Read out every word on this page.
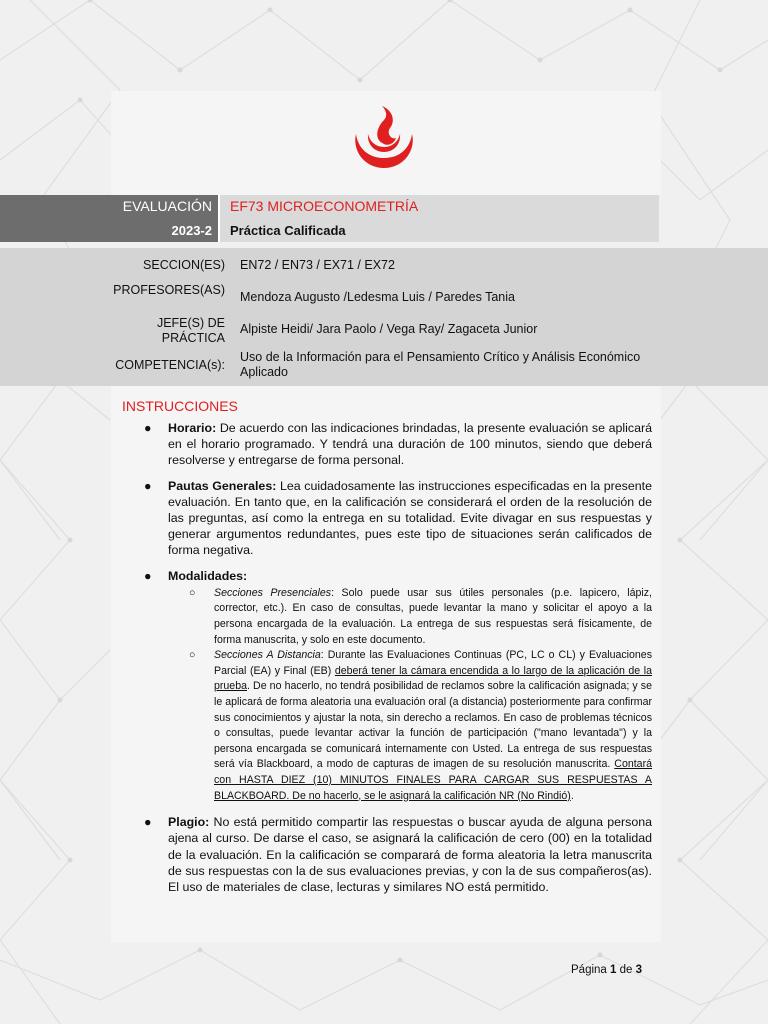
EVALUACIÓN
2023-2
EF73 MICROECONOMETRÍA
Práctica Calificada
SECCION(ES) EN72 / EN73 / EX71 / EX72
PROFESORES(AS) Mendoza Augusto /Ledesma Luis / Paredes Tania
JEFE(S) DE
PRÁCTICA
Alpiste Heidi/ Jara Paolo / Vega Ray/ Zagaceta Junior
COMPETENCIA(s):
Uso de la Información para el Pensamiento Crítico y Análisis Económico Aplicado
INSTRUCCIONES
● Horario: De acuerdo con las indicaciones brindadas, la presente evaluación se aplicará en el horario programado. Y tendrá una duración de 100 minutos, siendo que deberá resolverse y entregarse de forma personal.
● Pautas Generales: Lea cuidadosamente las instrucciones especificadas en la presente evaluación. En tanto que, en la calificación se considerará el orden de la resolución de las preguntas, así como la entrega en su totalidad. Evite divagar en sus respuestas y generar argumentos redundantes, pues este tipo de situaciones serán calificados de forma negativa.
● Modalidades:
○ Secciones Presenciales: Solo puede usar sus útiles personales (p.e. lapicero, lápiz, corrector, etc.). En caso de consultas, puede levantar la mano y solicitar el apoyo a la persona encargada de la evaluación. La entrega de sus respuestas será físicamente, de forma manuscrita, y solo en este documento.
○ Secciones A Distancia: Durante las Evaluaciones Continuas (PC, LC o CL) y Evaluaciones Parcial (EA) y Final (EB) deberá tener la cámara encendida a lo largo de la aplicación de la prueba. De no hacerlo, no tendrá posibilidad de reclamos sobre la calificación asignada; y se le aplicará de forma aleatoria una evaluación oral (a distancia) posteriormente para confirmar sus conocimientos y ajustar la nota, sin derecho a reclamos. En caso de problemas técnicos o consultas, puede levantar activar la función de participación ("mano levantada") y la persona encargada se comunicará internamente con Usted. La entrega de sus respuestas será vía Blackboard, a modo de capturas de imagen de su resolución manuscrita. Contará con HASTA DIEZ (10) MINUTOS FINALES PARA CARGAR SUS RESPUESTAS A BLACKBOARD. De no hacerlo, se le asignará la calificación NR (No Rindió).
● Plagio: No está permitido compartir las respuestas o buscar ayuda de alguna persona ajena al curso. De darse el caso, se asignará la calificación de cero (00) en la totalidad de la evaluación. En la calificación se comparará de forma aleatoria la letra manuscrita de sus respuestas con la de sus evaluaciones previas, y con la de sus compañeros(as). El uso de materiales de clase, lecturas y similares NO está permitido.
Página 1 de 3
